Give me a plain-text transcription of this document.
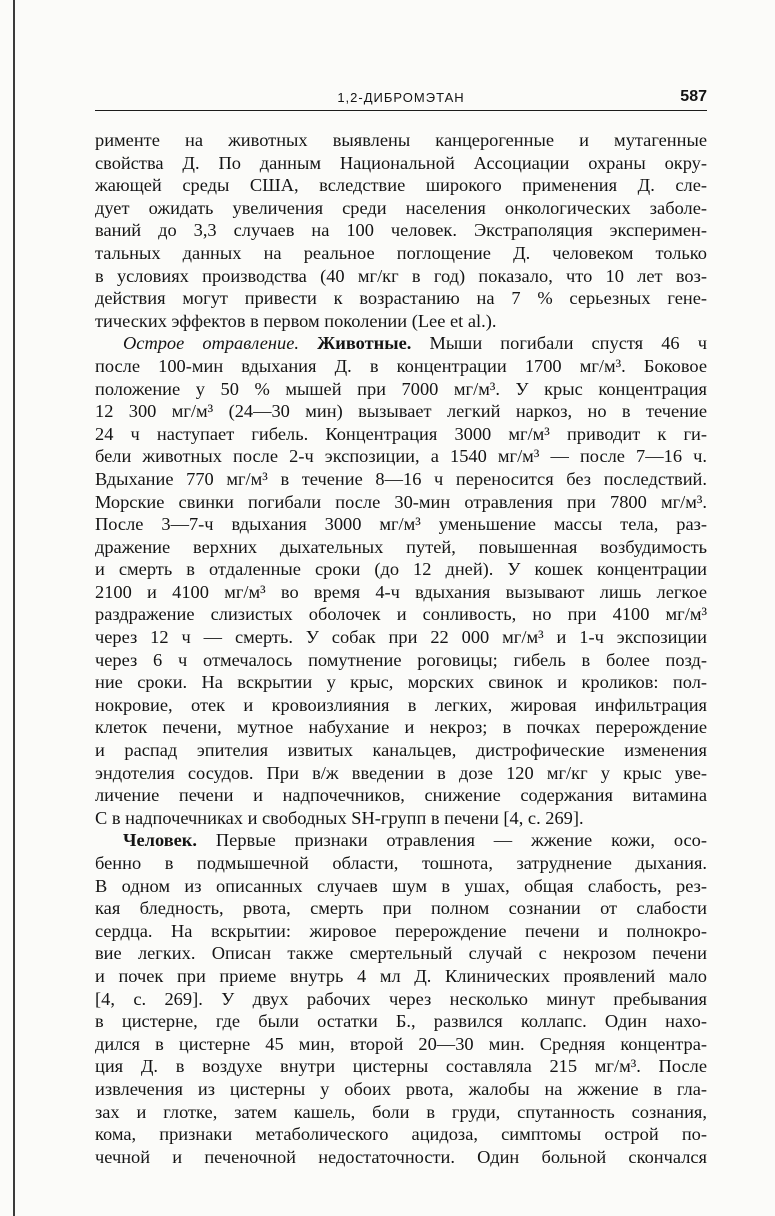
1,2-ДИБРОМЭТАН	587
рименте на животных выявлены канцерогенные и мутагенные
свойства Д. По данным Национальной Ассоциации охраны окру-
жающей среды США, вследствие широкого применения Д. сле-
дует ожидать увеличения среди населения онкологических заболе-
ваний до 3,3 случаев на 100 человек. Экстраполяция эксперимен-
тальных данных на реальное поглощение Д. человеком только
в условиях производства (40 мг/кг в год) показало, что 10 лет воз-
действия могут привести к возрастанию на 7 % серьезных гене-
тических эффектов в первом поколении (Lee et al.).
Острое отравление. Животные. Мыши погибали спустя 46 ч
после 100-мин вдыхания Д. в концентрации 1700 мг/м³. Боковое
положение у 50 % мышей при 7000 мг/м³. У крыс концентрация
12 300 мг/м³ (24—30 мин) вызывает легкий наркоз, но в течение
24 ч наступает гибель. Концентрация 3000 мг/м³ приводит к ги-
бели животных после 2-ч экспозиции, а 1540 мг/м³ — после 7—16 ч.
Вдыхание 770 мг/м³ в течение 8—16 ч переносится без последствий.
Морские свинки погибали после 30-мин отравления при 7800 мг/м³.
После 3—7-ч вдыхания 3000 мг/м³ уменьшение массы тела, раз-
дражение верхних дыхательных путей, повышенная возбудимость
и смерть в отдаленные сроки (до 12 дней). У кошек концентрации
2100 и 4100 мг/м³ во время 4-ч вдыхания вызывают лишь легкое
раздражение слизистых оболочек и сонливость, но при 4100 мг/м³
через 12 ч — смерть. У собак при 22 000 мг/м³ и 1-ч экспозиции
через 6 ч отмечалось помутнение роговицы; гибель в более позд-
ние сроки. На вскрытии у крыс, морских свинок и кроликов: пол-
нокровие, отек и кровоизлияния в легких, жировая инфильтрация
клеток печени, мутное набухание и некроз; в почках перерождение
и распад эпителия извитых канальцев, дистрофические изменения
эндотелия сосудов. При в/ж введении в дозе 120 мг/кг у крыс уве-
личение печени и надпочечников, снижение содержания витамина
С в надпочечниках и свободных SH-групп в печени [4, с. 269].
Человек. Первые признаки отравления — жжение кожи, осо-
бенно в подмышечной области, тошнота, затруднение дыхания.
В одном из описанных случаев шум в ушах, общая слабость, рез-
кая бледность, рвота, смерть при полном сознании от слабости
сердца. На вскрытии: жировое перерождение печени и полнокро-
вие легких. Описан также смертельный случай с некрозом печени
и почек при приеме внутрь 4 мл Д. Клинических проявлений мало
[4, с. 269]. У двух рабочих через несколько минут пребывания
в цистерне, где были остатки Б., развился коллапс. Один нахо-
дился в цистерне 45 мин, второй 20—30 мин. Средняя концентра-
ция Д. в воздухе внутри цистерны составляла 215 мг/м³. После
извлечения из цистерны у обоих рвота, жалобы на жжение в гла-
зах и глотке, затем кашель, боли в груди, спутанность сознания,
кома, признаки метаболического ацидоза, симптомы острой по-
чечной и печеночной недостаточности. Один больной скончался
